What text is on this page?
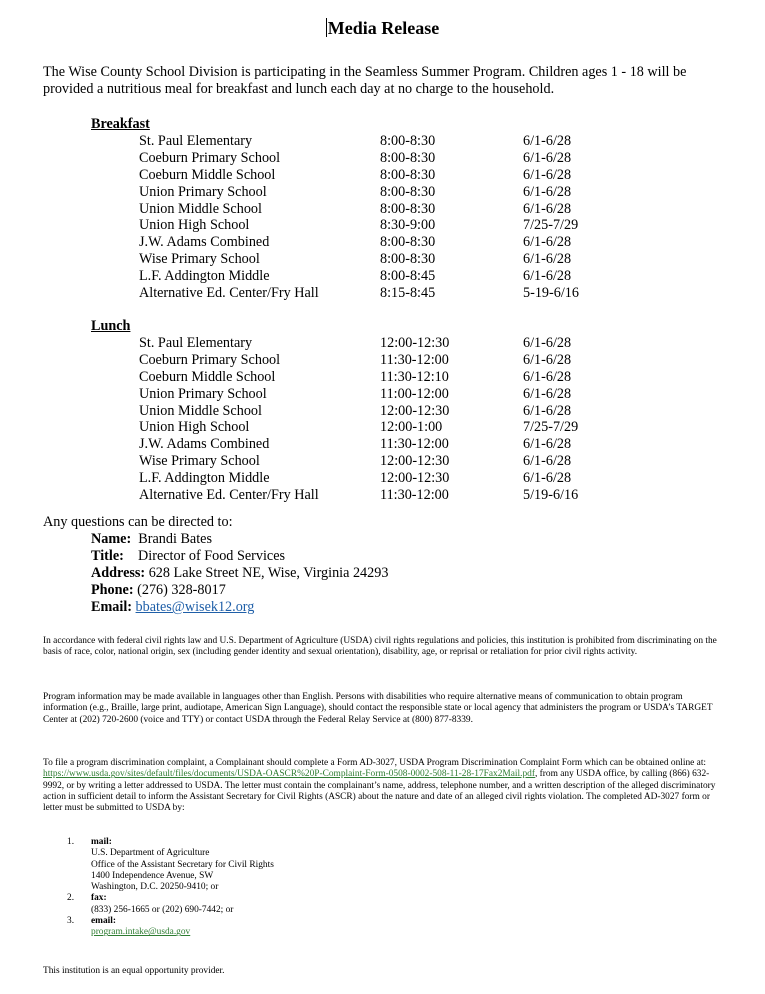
Media Release
The Wise County School Division is participating in the Seamless Summer Program. Children ages 1 - 18 will be provided a nutritious meal for breakfast and lunch each day at no charge to the household.
Breakfast
St. Paul Elementary	8:00-8:30	6/1-6/28
Coeburn Primary School	8:00-8:30	6/1-6/28
Coeburn Middle School	8:00-8:30	6/1-6/28
Union Primary School	8:00-8:30	6/1-6/28
Union Middle School	8:00-8:30	6/1-6/28
Union High School	8:30-9:00	7/25-7/29
J.W. Adams Combined	8:00-8:30	6/1-6/28
Wise Primary School	8:00-8:30	6/1-6/28
L.F. Addington Middle	8:00-8:45	6/1-6/28
Alternative Ed. Center/Fry Hall	8:15-8:45	5-19-6/16
Lunch
St. Paul Elementary	12:00-12:30	6/1-6/28
Coeburn Primary School	11:30-12:00	6/1-6/28
Coeburn Middle School	11:30-12:10	6/1-6/28
Union Primary School	11:00-12:00	6/1-6/28
Union Middle School	12:00-12:30	6/1-6/28
Union High School	12:00-1:00	7/25-7/29
J.W. Adams Combined	11:30-12:00	6/1-6/28
Wise Primary School	12:00-12:30	6/1-6/28
L.F. Addington Middle	12:00-12:30	6/1-6/28
Alternative Ed. Center/Fry Hall	11:30-12:00	5/19-6/16
Any questions can be directed to:
Name: Brandi Bates
Title: Director of Food Services
Address: 628 Lake Street NE, Wise, Virginia 24293
Phone: (276) 328-8017
Email: bbates@wisek12.org
In accordance with federal civil rights law and U.S. Department of Agriculture (USDA) civil rights regulations and policies, this institution is prohibited from discriminating on the basis of race, color, national origin, sex (including gender identity and sexual orientation), disability, age, or reprisal or retaliation for prior civil rights activity.
Program information may be made available in languages other than English. Persons with disabilities who require alternative means of communication to obtain program information (e.g., Braille, large print, audiotape, American Sign Language), should contact the responsible state or local agency that administers the program or USDA’s TARGET Center at (202) 720-2600 (voice and TTY) or contact USDA through the Federal Relay Service at (800) 877-8339.
To file a program discrimination complaint, a Complainant should complete a Form AD-3027, USDA Program Discrimination Complaint Form which can be obtained online at: https://www.usda.gov/sites/default/files/documents/USDA-OASCR%20P-Complaint-Form-0508-0002-508-11-28-17Fax2Mail.pdf, from any USDA office, by calling (866) 632-9992, or by writing a letter addressed to USDA. The letter must contain the complainant’s name, address, telephone number, and a written description of the alleged discriminatory action in sufficient detail to inform the Assistant Secretary for Civil Rights (ASCR) about the nature and date of an alleged civil rights violation. The completed AD-3027 form or letter must be submitted to USDA by:
1. mail:
U.S. Department of Agriculture
Office of the Assistant Secretary for Civil Rights
1400 Independence Avenue, SW
Washington, D.C. 20250-9410; or
2. fax:
(833) 256-1665 or (202) 690-7442; or
3. email:
program.intake@usda.gov
This institution is an equal opportunity provider.
